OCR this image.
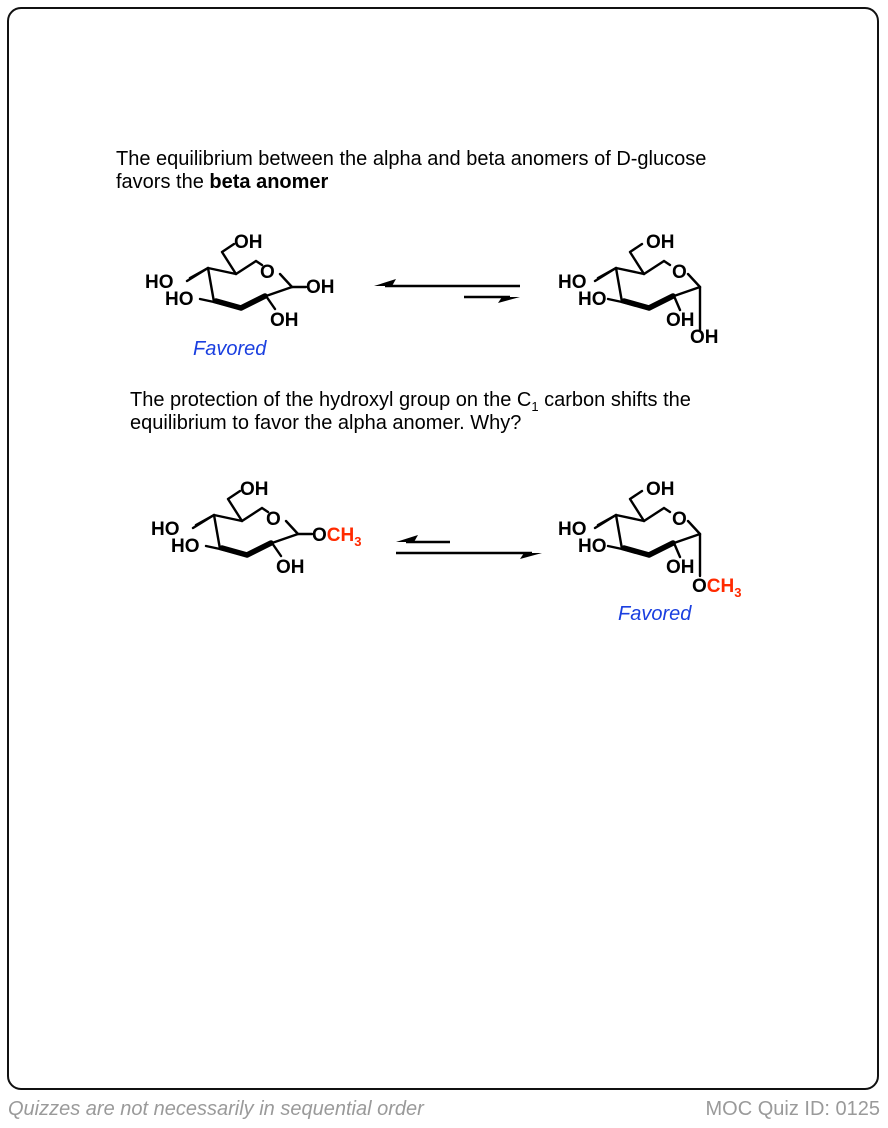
The equilibrium between the alpha and beta anomers of D-glucose
favors the beta anomer

The protection of the hydroxyl group on the $C_1$ carbon shifts the
equilibrium to favor the alpha anomer. Why?

OH
O
OH
HO
HO
OH
Favored
OH
O
HO
HO
OH
OH
OH
O
$OCH_3$
HO
HO
OH
OH
O
HO
HO
OH
$OCH_3$
Favored
Quizzes are not necessarily in sequential order	MOC Quiz ID: 0125
